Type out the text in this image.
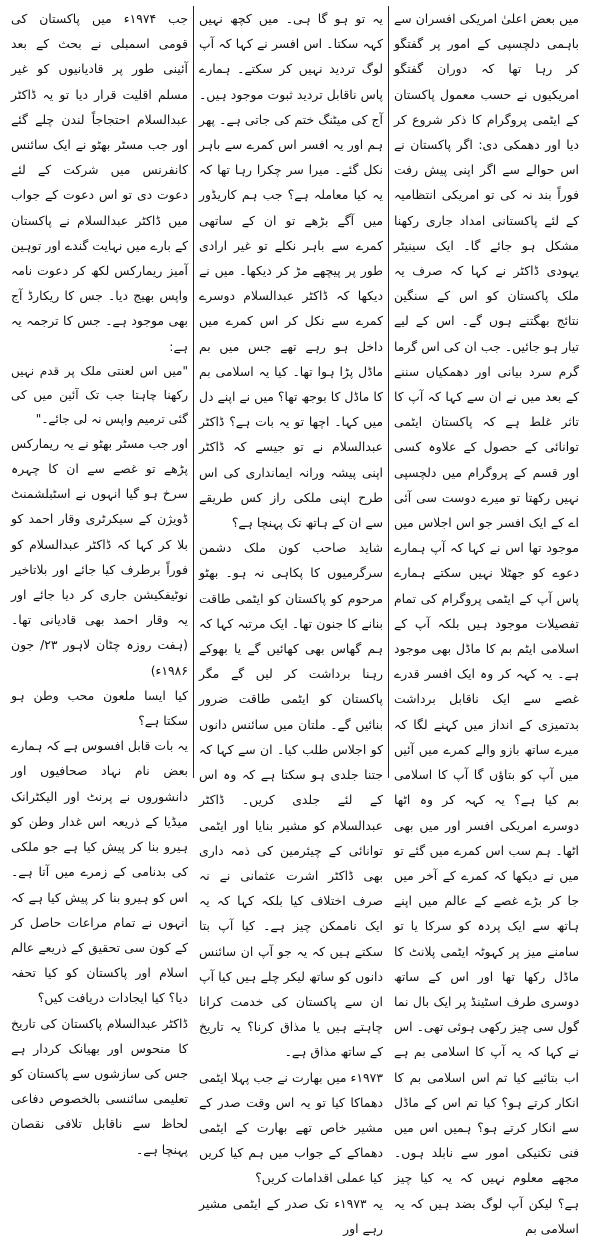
میں بعض اعلیٰ امریکی افسران سے باہمی دلچسپی کے امور پر گفتگو کر رہا تھا کہ دوران گفتگو امریکیوں نے حسب معمول پاکستان کے ایٹمی پروگرام کا ذکر شروع کر دیا اور دھمکی دی: اگر پاکستان نے اس حوالے سے اگر اپنی پیش رفت فوراً بند نہ کی تو امریکی انتظامیہ کے لئے پاکستانی امداد جاری رکھنا مشکل ہو جائے گا۔ ایک سینیٹر یہودی ڈاکٹر نے کہا کہ صرف یہ ملک پاکستان کو اس کے سنگین نتائج بھگتنے ہوں گے۔ اس کے لیے تیار ہو جائیں۔ جب ان کی اس گرما گرم سرد بیانی اور دھمکیاں سننے کے بعد میں نے ان سے کہا کہ آپ کا تاثر غلط ہے کہ پاکستان ایٹمی توانائی کے حصول کے علاوہ کسی اور قسم کے پروگرام میں دلچسپی نہیں رکھتا تو میرے دوست سی آئی اے کے ایک افسر جو اس اجلاس میں موجود تھا اس نے کہا کہ آپ ہمارے دعوے کو جھٹلا نہیں سکتے ہمارے پاس آپ کے ایٹمی پروگرام کی تمام تفصیلات موجود ہیں بلکہ آپ کے اسلامی ایٹم بم کا ماڈل بھی موجود ہے۔ یہ کہہ کر وہ ایک افسر قدرے غصے سے ایک ناقابل برداشت بدتمیزی کے انداز میں کہنے لگا کہ میرے ساتھ بازو والے کمرے میں آئیں میں آپ کو بتاؤں گا آپ کا اسلامی بم کیا ہے؟ یہ کہہ کر وہ اٹھا دوسرے امریکی افسر اور میں بھی اٹھا۔ ہم سب اس کمرے میں گئے تو میں نے دیکھا کہ کمرے کے آخر میں جا کر بڑے غصے کے عالم میں اپنے ہاتھ سے ایک پردہ کو سرکا یا تو سامنے میز پر کہوٹہ ایٹمی پلانٹ کا ماڈل رکھا تھا اور اس کے ساتھ دوسری طرف اسٹینڈ پر ایک بال نما گول سی چیز رکھی ہوئی تھی۔ اس نے کہا کہ یہ آپ کا اسلامی بم ہے اب بتائیے کیا تم اس اسلامی بم کا انکار کرتے ہو؟ کیا تم اس کے ماڈل سے انکار کرتے ہو؟ ہمیں اس میں فنی تکنیکی امور سے نابلد ہوں۔ مجھے معلوم نہیں کہ یہ کیا چیز ہے؟ لیکن آپ لوگ بضد ہیں کہ یہ اسلامی بم

یہ تو ہو گا ہی۔ میں کچھ نہیں کہہ سکتا۔ اس افسر نے کہا کہ آپ لوگ تردید نہیں کر سکتے۔ ہمارے پاس ناقابل تردید ثبوت موجود ہیں۔ آج کی میٹنگ ختم کی جاتی ہے۔ پھر ہم اور یہ افسر اس کمرے سے باہر نکل گئے۔ میرا سر چکرا رہا تھا کہ یہ کیا معاملہ ہے؟ جب ہم کاریڈور میں آگے بڑھے تو ان کے ساتھی کمرے سے باہر نکلے تو غیر ارادی طور پر پیچھے مڑ کر دیکھا۔ میں نے دیکھا کہ ڈاکٹر عبدالسلام دوسرے کمرے سے نکل کر اس کمرے میں داخل ہو رہے تھے جس میں بم ماڈل پڑا ہوا تھا۔ کیا یہ اسلامی بم کا ماڈل کا بوجھ تھا؟ میں نے اپنے دل میں کہا۔ اچھا تو یہ بات ہے؟ ڈاکٹر عبدالسلام نے تو جیسے کہ ڈاکٹر اپنی پیشہ ورانہ ایمانداری کی اس طرح اپنی ملکی راز کس طریقے سے ان کے ہاتھ تک پہنچا ہے؟

شاید صاحب کون ملک دشمن سرگرمیوں کا پکاہی نہ ہو۔ بھٹو مرحوم کو پاکستان کو ایٹمی طاقت بنانے کا جنون تھا۔ ایک مرتبہ کہا کہ ہم گھاس بھی کھائیں گے یا بھوکے رہنا برداشت کر لیں گے مگر پاکستان کو ایٹمی طاقت ضرور بنائیں گے۔ ملتان میں سائنس دانوں کو اجلاس طلب کیا۔ ان سے کہا کہ جتنا جلدی ہو سکتا ہے کہ وہ اس کے لئے جلدی کریں۔ ڈاکٹر عبدالسلام کو مشیر بنایا اور ایٹمی توانائی کے چیئرمین کی ذمہ داری بھی ڈاکٹر اشرت عثمانی نے نہ صرف اختلاف کیا بلکہ کہا کہ یہ ایک ناممکن چیز ہے۔ کیا آپ بتا سکتے ہیں کہ یہ جو آپ ان سائنس دانوں کو ساتھ لیکر چلے ہیں کیا آپ ان سے پاکستان کی خدمت کرانا چاہتے ہیں یا مذاق کرنا؟ یہ تاریخ کے ساتھ مذاق ہے۔

۱۹۷۳ء میں بھارت نے جب پہلا ایٹمی دھماکا کیا تو یہ اس وقت صدر کے مشیر خاص تھے بھارت کے ایٹمی دھماکے کے جواب میں ہم کیا کریں کیا عملی اقدامات کریں؟

یہ ۱۹۷۳ء تک صدر کے ایٹمی مشیر رہے اور

جب ۱۹۷۴ء میں پاکستان کی قومی اسمبلی نے بحث کے بعد آئینی طور پر قادیانیوں کو غیر مسلم اقلیت قرار دیا تو یہ ڈاکٹر عبدالسلام احتجاجاً لندن چلے گئے اور جب مسٹر بھٹو نے ایک سائنس کانفرنس میں شرکت کے لئے دعوت دی تو اس دعوت کے جواب میں ڈاکٹر عبدالسلام نے پاکستان کے بارے میں نہایت گندے اور توہین آمیز ریمارکس لکھ کر دعوت نامہ واپس بھیج دیا۔ جس کا ریکارڈ آج بھی موجود ہے۔ جس کا ترجمہ یہ ہے:

"میں اس لعنتی ملک پر قدم نہیں رکھنا چاہتا جب تک آئین میں کی گئی ترمیم واپس نہ لی جائے۔"

اور جب مسٹر بھٹو نے یہ ریمارکس پڑھے تو غصے سے ان کا چہرہ سرخ ہو گیا انہوں نے اسٹبلشمنٹ ڈویژن کے سیکرٹری وقار احمد کو بلا کر کہا کہ ڈاکٹر عبدالسلام کو فوراً برطرف کیا جائے اور بلاتاخیر نوٹیفکیشن جاری کر دیا جائے اور یہ وقار احمد بھی قادیانی تھا۔ (ہفت روزہ چٹان لاہور ۲۳/ جون ۱۹۸۶ء)

کیا ایسا ملعون محب وطن ہو سکتا ہے؟

یہ بات قابل افسوس ہے کہ ہمارے بعض نام نہاد صحافیوں اور دانشوروں نے پرنٹ اور الیکٹرانک میڈیا کے ذریعہ اس غدار وطن کو ہیرو بنا کر پیش کیا ہے جو ملکی کی بدنامی کے زمرے میں آتا ہے۔ اس کو ہیرو بنا کر پیش کیا ہے کہ انہوں نے تمام مراعات حاصل کر کے کون سی تحقیق کے ذریعے عالم اسلام اور پاکستان کو کیا تحفہ دیا؟ کیا ایجادات دریافت کیں؟

ڈاکٹر عبدالسلام پاکستان کی تاریخ کا منحوس اور بھیانک کردار ہے جس کی سازشوں سے پاکستان کو تعلیمی سائنسی بالخصوص دفاعی لحاظ سے ناقابل تلافی نقصان پہنچا ہے۔
